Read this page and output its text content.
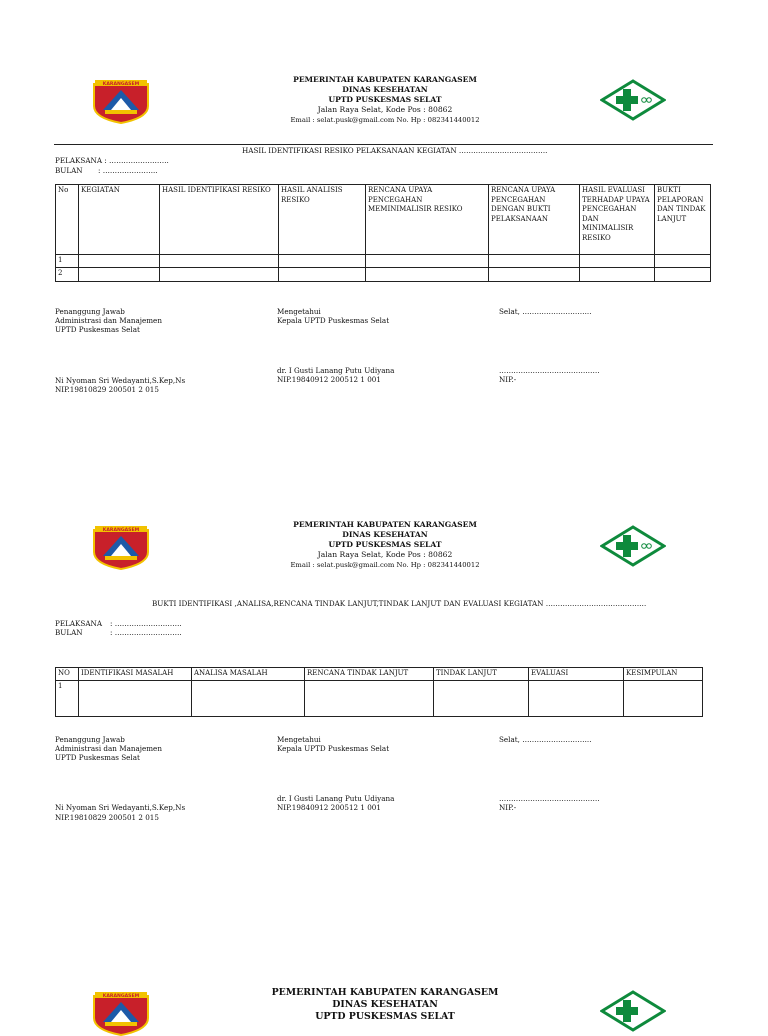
KARANGASEM
PEMERINTAH KABUPATEN KARANGASEM
DINAS KESEHATAN
UPTD PUSKESMAS SELAT
Jalan Raya Selat, Kode Pos : 80862
Email : selat.pusk@gmail.com No. Hp : 082341440012
HASIL IDENTIFIKASI RESIKO PELAKSANAAN KEGIATAN ……………………………….
PELAKSANA : …………………….
BULAN : …………………..
No	KEGIATAN	HASIL IDENTIFIKASI RESIKO	HASIL ANALISIS RESIKO	RENCANA UPAYA PENCEGAHAN MEMINIMALISIR RESIKO	RENCANA UPAYA PENCEGAHAN DENGAN BUKTI PELAKSANAAN	HASIL EVALUASI TERHADAP UPAYA PENCEGAHAN DAN MINIMALISIR RESIKO	BUKTI PELAPORAN DAN TINDAK LANJUT
1							
2							
Penanggung Jawab
Administrasi dan Manajemen
UPTD Puskesmas Selat
Ni Nyoman Sri Wedayanti,S.Kep,Ns
NIP.19810829 200501 2 015
Mengetahui
Kepala UPTD Puskesmas Selat
dr. I Gusti Lanang Putu Udiyana
NIP.19840912 200512 1 001
Selat, ………………………..
……………………………………
NIP.-
KARANGASEM
PEMERINTAH KABUPATEN KARANGASEM
DINAS KESEHATAN
UPTD PUSKESMAS SELAT
Jalan Raya Selat, Kode Pos : 80862
Email : selat.pusk@gmail.com No. Hp : 082341440012
BUKTI IDENTIFIKASI ,ANALISA,RENCANA TINDAK LANJUT,TINDAK LANJUT DAN EVALUASI KEGIATAN ……………………………………
PELAKSANA : ……………………….
BULAN	: ……………………….
NO	IDENTIFIKASI MASALAH	ANALISA MASALAH	RENCANA TINDAK LANJUT	TINDAK LANJUT	EVALUASI	KESIMPULAN
1						
Penanggung Jawab
Administrasi dan Manajemen
UPTD Puskesmas Selat
Ni Nyoman Sri Wedayanti,S.Kep,Ns
NIP.19810829 200501 2 015
Mengetahui
Kepala UPTD Puskesmas Selat
dr. I Gusti Lanang Putu Udiyana
NIP.19840912 200512 1 001
Selat, ………………………..
……………………………………
NIP.-
KARANGASEM	PEMERINTAH KABUPATEN KARANGASEM
DINAS KESEHATAN
UPTD PUSKESMAS SELAT
